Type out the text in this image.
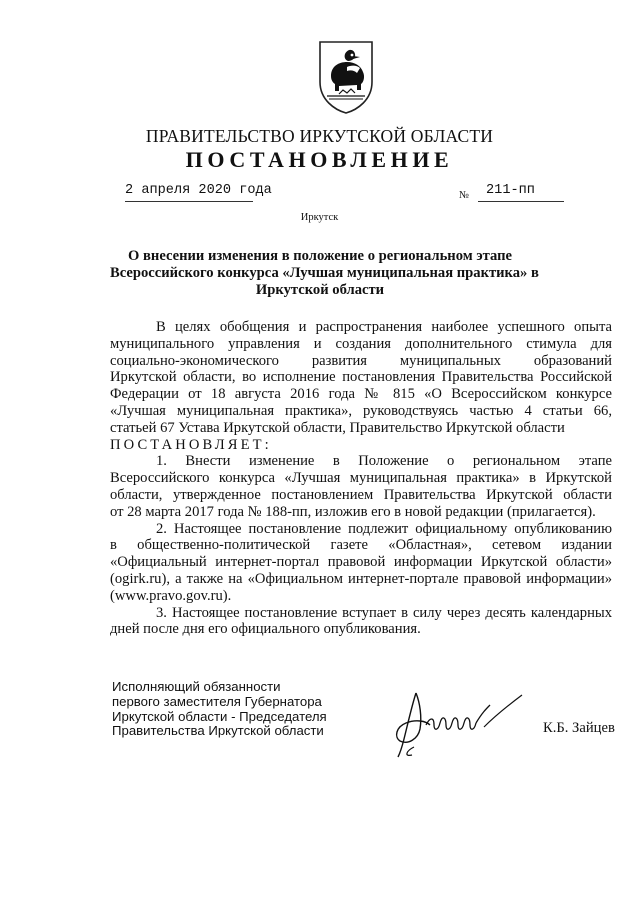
ПРАВИТЕЛЬСТВО ИРКУТСКОЙ ОБЛАСТИ
ПОСТАНОВЛЕНИЕ
2 апреля 2020 года	№	211-пп
Иркутск
О внесении изменения в положение о региональном этапе
Всероссийского конкурса «Лучшая муниципальная практика» в
Иркутской области
В целях обобщения и распространения наиболее успешного опыта
муниципального управления и создания дополнительного стимула для
социально-экономического развития муниципальных образований
Иркутской области, во исполнение постановления Правительства Российской
Федерации от 18 августа 2016 года № 815 «О Всероссийском конкурсе
«Лучшая муниципальная практика», руководствуясь частью 4 статьи 66,
статьей 67 Устава Иркутской области, Правительство Иркутской области
ПОСТАНОВЛЯЕТ:
1. Внести изменение в Положение о региональном этапе
Всероссийского конкурса «Лучшая муниципальная практика» в Иркутской
области, утвержденное постановлением Правительства Иркутской области
от 28 марта 2017 года № 188-пп, изложив его в новой редакции (прилагается).
2. Настоящее постановление подлежит официальному опубликованию
в общественно-политической газете «Областная», сетевом издании
«Официальный интернет-портал правовой информации Иркутской области»
(ogirk.ru), а также на «Официальном интернет-портале правовой информации»
(www.pravo.gov.ru).
3. Настоящее постановление вступает в силу через десять календарных
дней после дня его официального опубликования.
Исполняющий обязанности
первого заместителя Губернатора
Иркутской области - Председателя
Правительства Иркутской области	К.Б. Зайцев
